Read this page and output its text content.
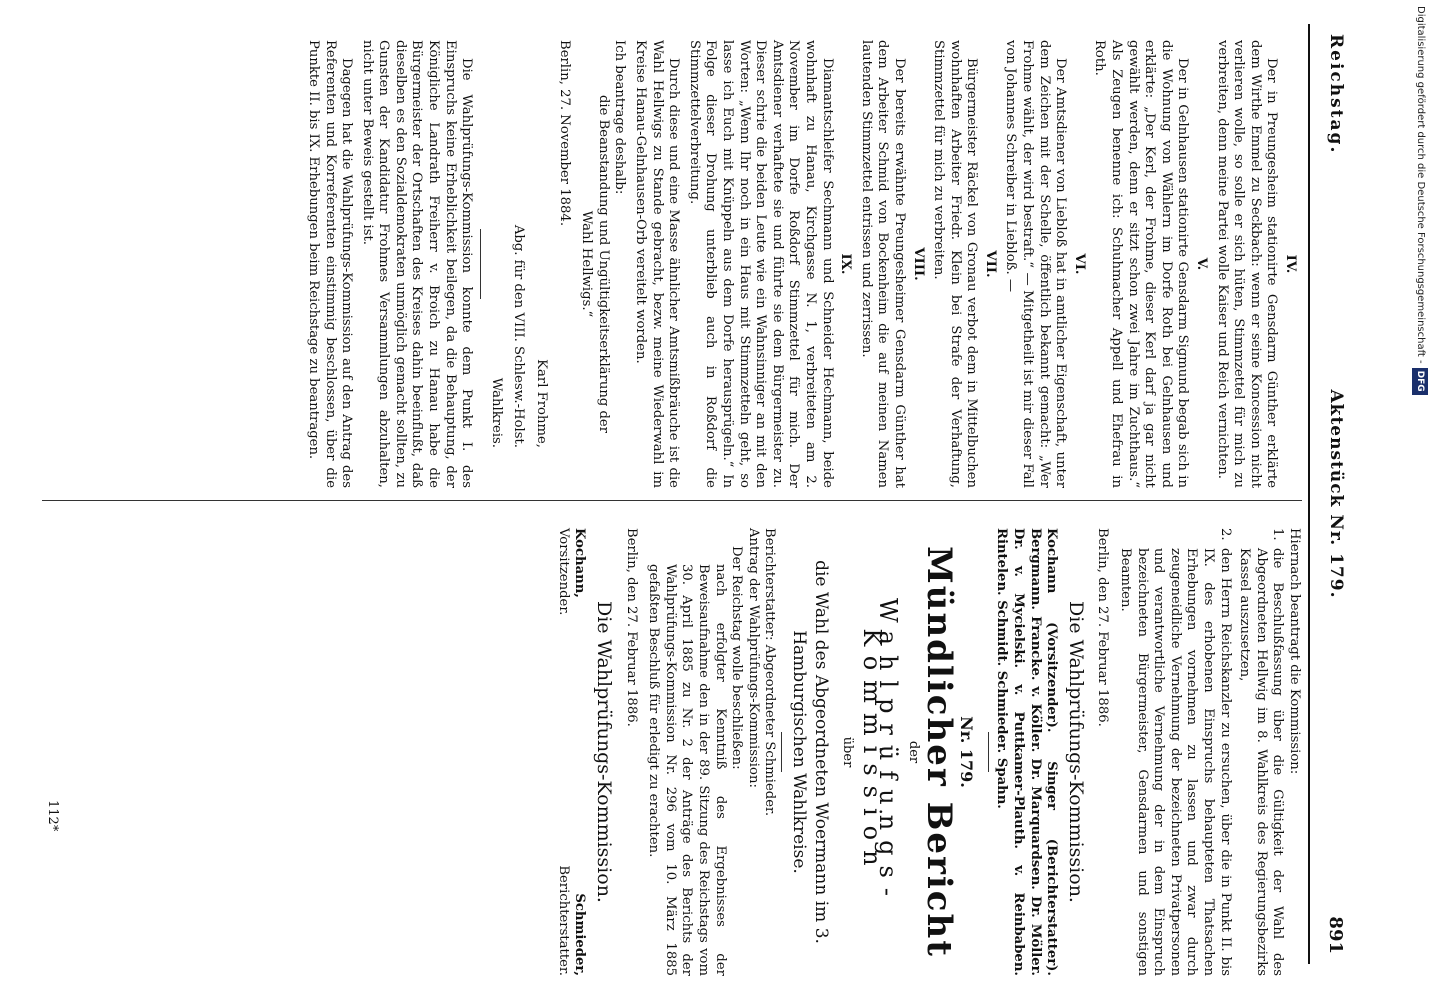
Reichstag.
Aktenstück Nr. 179.
891
IV.

Der in Preungesheim stationirte Gensdarm Günther erklärte dem Wirthe Emmel zu Seckbach: wenn er seine Koncession nicht verlieren wolle, so solle er sich hüten, Stimmzettel für mich zu verbreiten, denn meine Partei wolle Kaiser und Reich vernichten.

V.

Der in Gelnhausen stationirte Gensdarm Sigmund begab sich in die Wohnung von Wählern im Dorfe Roth bei Gelnhausen und erklärte: „Der Kerl, der Frohme, dieser Kerl darf ja gar nicht gewählt werden, denn er sitzt schon zwei Jahre im Zuchthaus.“ Als Zeugen benenne ich: Schuhmacher Appell und Ehefrau in Roth.

VI.

Der Amtsdiener von Liebloß hat in amtlicher Eigenschaft, unter dem Zeichen mit der Schelle, öffentlich bekannt gemacht: „Wer Frohme wählt, der wird bestraft.“ — Mitgetheilt ist mir dieser Fall von Johannes Schreiber in Liebloß. —

VII.

Bürgermeister Räckel von Gronau verbot dem in Mittelbuchen wohnhaften Arbeiter Friedr. Klein bei Strafe der Verhaftung, Stimmzettel für mich zu verbreiten.

VIII.

Der bereits erwähnte Preungesheimer Gensdarm Günther hat dem Arbeiter Schmid von Bockenheim die auf meinen Namen lautenden Stimmzettel entrissen und zerrissen.

IX.

Diamantschleifer Sechmann und Schneider Hechmann, beide wohnhaft zu Hanau, Kirchgasse N. 1, verbreiteten am 2. November im Dorfe Roßdorf Stimmzettel für mich. Der Amtsdiener verhaftete sie und führte sie dem Bürgermeister zu. Dieser schrie die beiden Leute wie ein Wahnsinniger an mit den Worten: „Wenn Ihr noch in ein Haus mit Stimmzetteln geht, so lasse ich Euch mit Knüppeln aus dem Dorfe herausprügeln.“ In Folge dieser Drohung unterblieb auch in Roßdorf die Stimmzettelverbreitung.

Durch diese und eine Masse ähnlicher Amtsmißbräuche ist die Wahl Hellwigs zu Stande gebracht, bezw. meine Wiederwahl im Kreise Hanau-Gelnhausen-Orb vereitelt worden.

Ich beantrage deshalb:
die Beanstandung und Ungültigkeitserklärung der
Wahl Hellwigs.“
Berlin, 27. November 1884.
Karl Frohme,
Abg. für den VIII. Schlesw.-Holst.
Wahlkreis.

Die Wahlprüfungs-Kommission konnte dem Punkt I. des Einspruchs keine Erheblichkeit beilegen, da die Behauptung, der Königliche Landrath Freiherr v. Broich zu Hanau habe die Bürgermeister der Ortschaften des Kreises dahin beeinflußt, daß dieselben es den Sozialdemokraten unmöglich gemacht sollten, zu Gunsten der Kandidatur Frohmes Versammlungen abzuhalten, nicht unter Beweis gestellt ist.

Dagegen hat die Wahlprüfungs-Kommission auf den Antrag des Referenten und Korreferenten einstimmig beschlossen, über die Punkte II. bis IX. Erhebungen beim Reichstage zu beantragen.

Hiernach beantragt die Kommission:
1.
die Beschlußfassung über die Gültigkeit der Wahl des Abgeordneten Hellwig im 8. Wahlkreis des Regierungsbezirks Kassel auszusetzen,
2.
den Herrn Reichskanzler zu ersuchen, über die in Punkt II. bis IX. des erhobenen Einspruchs behaupteten Thatsachen Erhebungen vornehmen zu lassen und zwar durch zeugeneidliche Vernehmung der bezeichneten Privatpersonen und verantwortliche Vernehmung der in dem Einspruch bezeichneten Bürgermeister, Gensdarmen und sonstigen Beamten.
Berlin, den 27. Februar 1886.
Die Wahlprüfungs-Kommission.
Kochann (Vorsitzender). Singer (Berichterstatter). Bergmann. Francke. v. Köller. Dr. Marquardsen. Dr. Möller. Dr. v. Mycielski. v. Puttkamer-Plauth. v. Reinbaben. Rintelen. Schmidt. Schmieder. Spahn.
Nr. 179.
Mündlicher Bericht
der
Wahlprüfungs-Kommission
über
die Wahl des Abgeordneten Woermann im 3. Hamburgischen Wahlkreise.
Berichterstatter: Abgeordneter Schmieder.
Antrag der Wahlprüfungs-Kommission:
Der Reichstag wolle beschließen:

nach erfolgter Kenntniß des Ergebnisses der Beweisaufnahme den in der 89. Sitzung des Reichstags vom 30. April 1885 zu Nr. 2 der Anträge des Berichts der Wahlprüfungs-Kommission Nr. 296 vom 10. März 1885 gefaßten Beschluß für erledigt zu erachten.

Berlin, den 27. Februar 1886.
Die Wahlprüfungs-Kommission.
Kochann,
Vorsitzender.
Schmieder,
Berichterstatter.
112*
Digitalisierung gefördert durch die Deutsche Forschungsgemeinschaft -DFG
